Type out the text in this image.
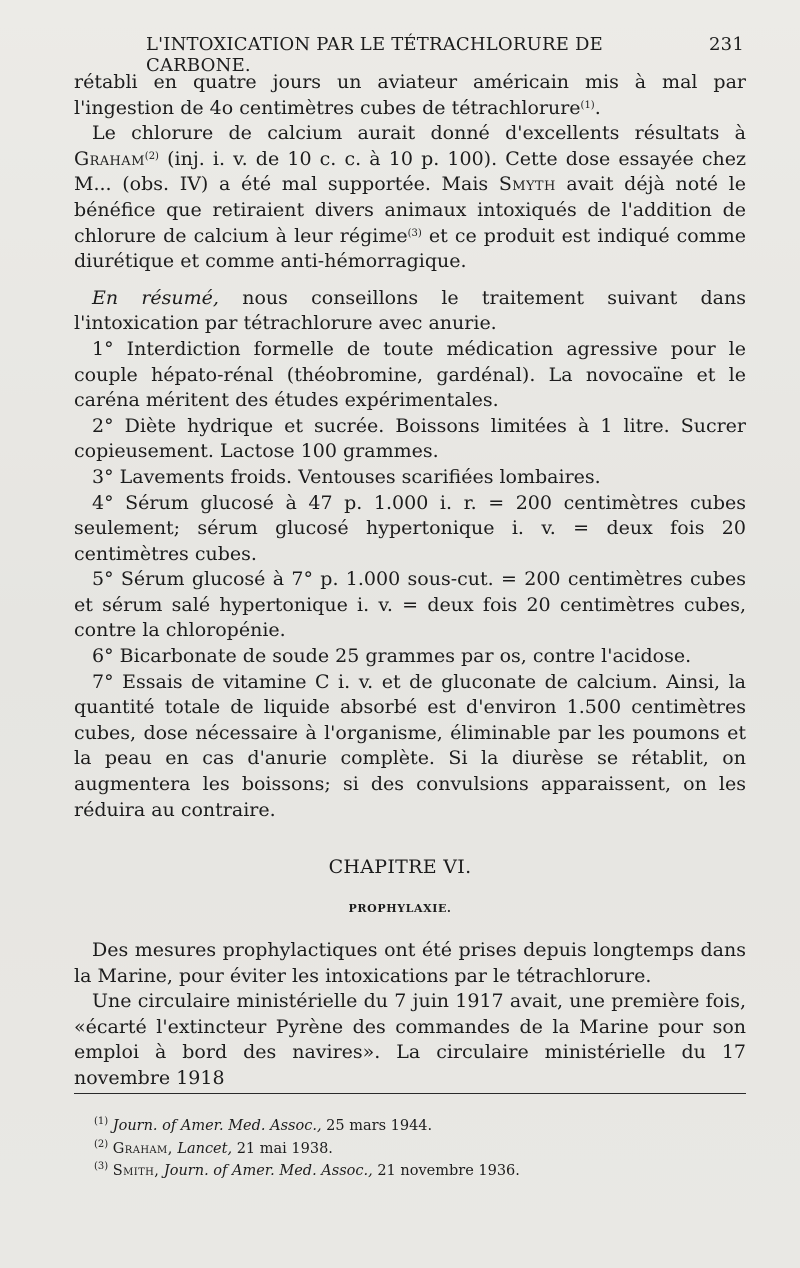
L'INTOXICATION PAR LE TÉTRACHLORURE DE CARBONE.
231

rétabli en quatre jours un aviateur américain mis à mal par l'ingestion de 4o centimètres cubes de tétrachlorure$^{(1)}$.

Le chlorure de calcium aurait donné d'excellents résultats à Graham$^{(2)}$ (inj. i. v. de 10 c. c. à 10 p. 100). Cette dose essayée chez M... (obs. IV) a été mal supportée. Mais Smyth avait déjà noté le bénéfice que retiraient divers animaux intoxiqués de l'addition de chlorure de calcium à leur régime$^{(3)}$ et ce produit est indiqué comme diurétique et comme anti-hémorragique.

En résumé, nous conseillons le traitement suivant dans l'intoxication par tétrachlorure avec anurie.

1° Interdiction formelle de toute médication agressive pour le couple hépato-rénal (théobromine, gardénal). La novocaïne et le caréna méritent des études expérimentales.

2° Diète hydrique et sucrée. Boissons limitées à 1 litre. Sucrer copieusement. Lactose 100 grammes.

3° Lavements froids. Ventouses scarifiées lombaires.

4° Sérum glucosé à 47 p. 1.000 i. r. = 200 centimètres cubes seulement; sérum glucosé hypertonique i. v. = deux fois 20 centimètres cubes.

5° Sérum glucosé à 7° p. 1.000 sous-cut. = 200 centimètres cubes et sérum salé hypertonique i. v. = deux fois 20 centimètres cubes, contre la chloropénie.

6° Bicarbonate de soude 25 grammes par os, contre l'acidose.

7° Essais de vitamine C i. v. et de gluconate de calcium. Ainsi, la quantité totale de liquide absorbé est d'environ 1.500 centimètres cubes, dose nécessaire à l'organisme, éliminable par les poumons et la peau en cas d'anurie complète. Si la diurèse se rétablit, on augmentera les boissons; si des convulsions apparaissent, on les réduira au contraire.

CHAPITRE VI.
PROPHYLAXIE.

Des mesures prophylactiques ont été prises depuis longtemps dans la Marine, pour éviter les intoxications par le tétrachlorure.

Une circulaire ministérielle du 7 juin 1917 avait, une première fois, «écarté l'extincteur Pyrène des commandes de la Marine pour son emploi à bord des navires». La circulaire ministérielle du 17 novembre 1918

$^{(1)}$ Journ. of Amer. Med. Assoc., 25 mars 1944.
$^{(2)}$ Graham, Lancet, 21 mai 1938.
$^{(3)}$ Smith, Journ. of Amer. Med. Assoc., 21 novembre 1936.
